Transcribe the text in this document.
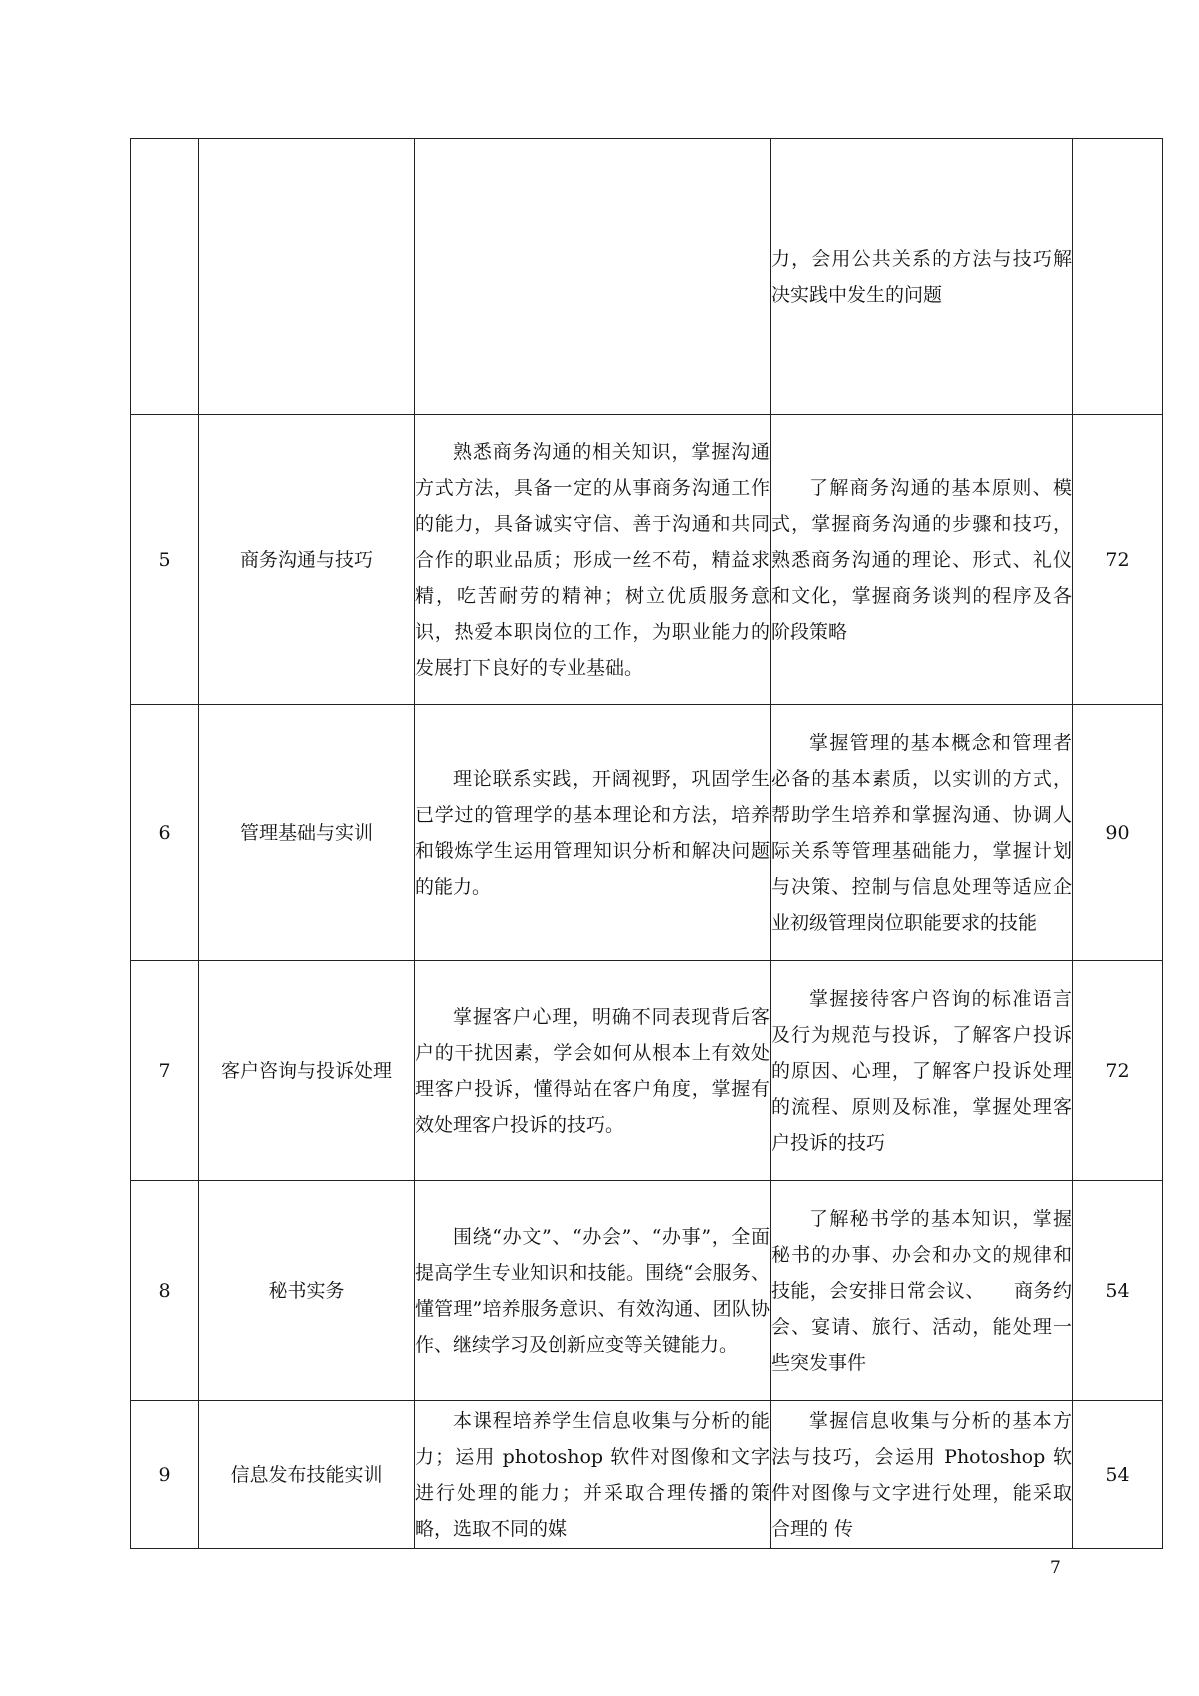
			力，会用公共关系的方法与技巧解决实践中发生的问题	

5	商务沟通与技巧	熟悉商务沟通的相关知识，掌握沟通方式方法，具备一定的从事商务沟通工作的能力，具备诚实守信、善于沟通和共同合作的职业品质；形成一丝不苟，精益求精，吃苦耐劳的精神；树立优质服务意识，热爱本职岗位的工作，为职业能力的发展打下良好的专业基础。	了解商务沟通的基本原则、模式，掌握商务沟通的步骤和技巧，熟悉商务沟通的理论、形式、礼仪和文化，掌握商务谈判的程序及各阶段策略	72
6	管理基础与实训	理论联系实践，开阔视野，巩固学生已学过的管理学的基本理论和方法，培养和锻炼学生运用管理知识分析和解决问题的能力。	掌握管理的基本概念和管理者必备的基本素质，以实训的方式，帮助学生培养和掌握沟通、协调人际关系等管理基础能力，掌握计划与决策、控制与信息处理等适应企业初级管理岗位职能要求的技能	90
7	客户咨询与投诉处理	掌握客户心理，明确不同表现背后客户的干扰因素，学会如何从根本上有效处理客户投诉，懂得站在客户角度，掌握有效处理客户投诉的技巧。	掌握接待客户咨询的标准语言及行为规范与投诉，了解客户投诉的原因、心理，了解客户投诉处理的流程、原则及标准，掌握处理客户投诉的技巧	72
8	秘书实务	围绕“办文”、“办会”、“办事”，全面提高学生专业知识和技能。围绕“会服务、懂管理”培养服务意识、有效沟通、团队协作、继续学习及创新应变等关键能力。	了解秘书学的基本知识，掌握秘书的办事、办会和办文的规律和技能，会安排日常会议、　　商务约会、宴请、旅行、活动，能处理一些突发事件	54
9	信息发布技能实训	本课程培养学生信息收集与分析的能力；运用 photoshop 软件对图像和文字进行处理的能力；并采取合理传播的策略，选取不同的媒	掌握信息收集与分析的基本方法与技巧，会运用 Photoshop 软件对图像与文字进行处理，能采取合理的 传	54
7
